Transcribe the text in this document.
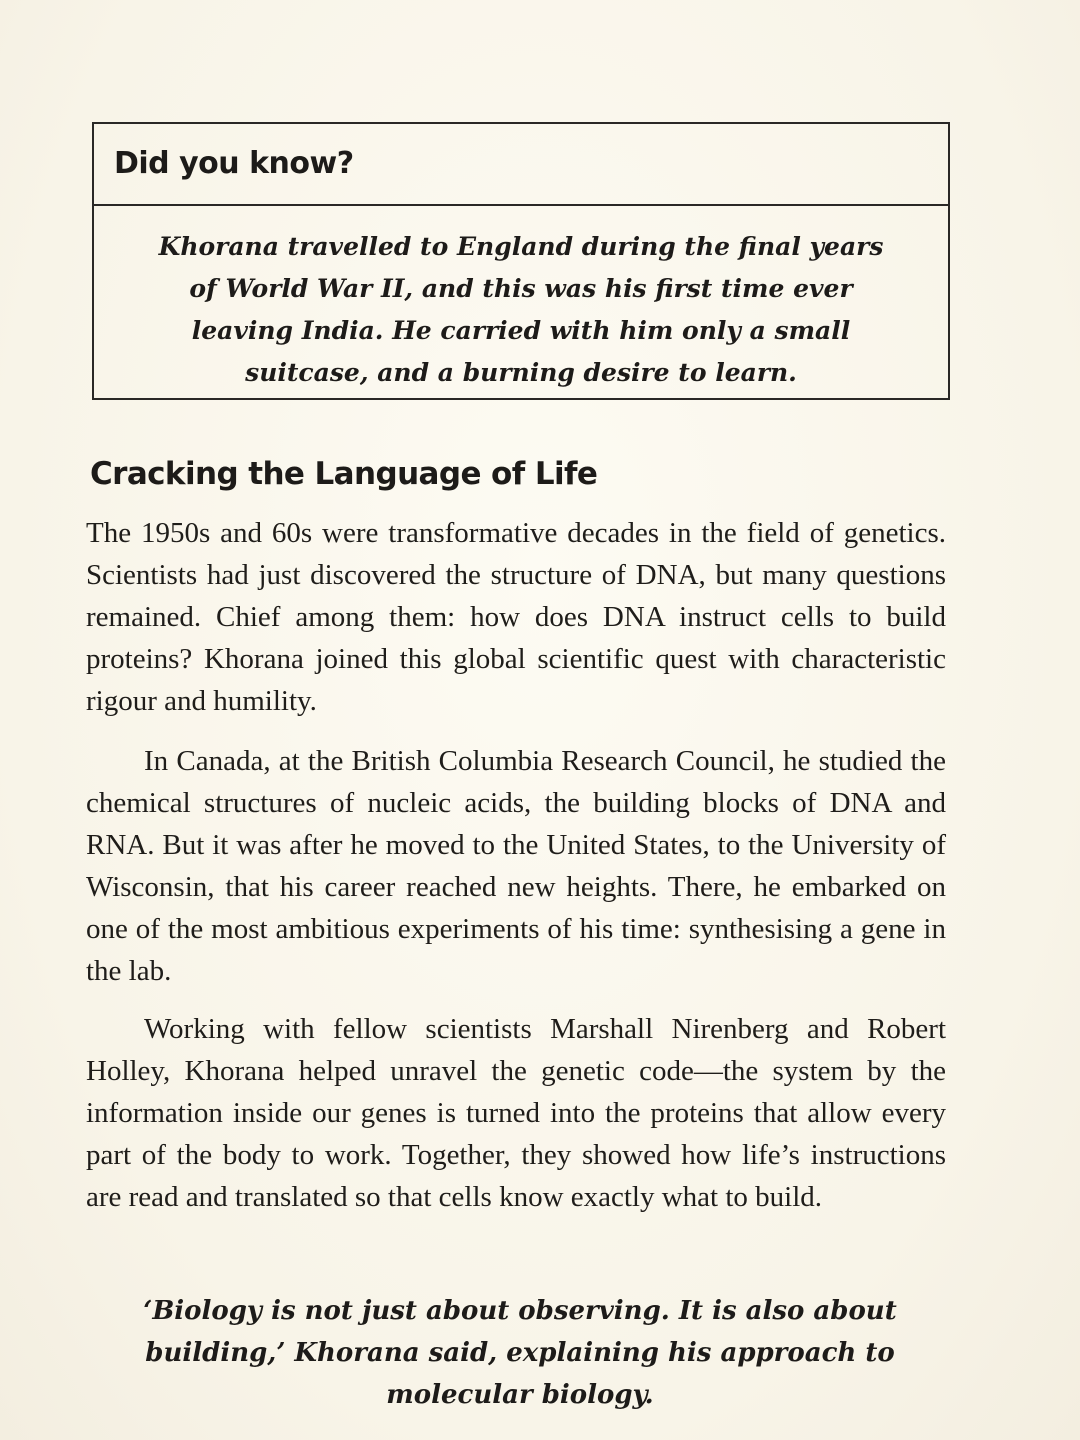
Did you know?
Khorana travelled to England during the final years of World War II, and this was his first time ever leaving India. He carried with him only a small suitcase, and a burning desire to learn.
Cracking the Language of Life

The 1950s and 60s were transformative decades in the field of genetics. Scientists had just discovered the structure of DNA, but many questions remained. Chief among them: how does DNA instruct cells to build proteins? Khorana joined this global scientific quest with characteristic rigour and humility.

In Canada, at the British Columbia Research Council, he studied the chemical structures of nucleic acids, the building blocks of DNA and RNA. But it was after he moved to the United States, to the University of Wisconsin, that his career reached new heights. There, he embarked on one of the most ambitious experiments of his time: synthesising a gene in the lab.

Working with fellow scientists Marshall Nirenberg and Robert Holley, Khorana helped unravel the genetic code—the system by the information inside our genes is turned into the proteins that allow every part of the body to work. Together, they showed how life’s instructions are read and translated so that cells know exactly what to build.

‘Biology is not just about observing. It is also about building,’ Khorana said, explaining his approach to molecular biology.
